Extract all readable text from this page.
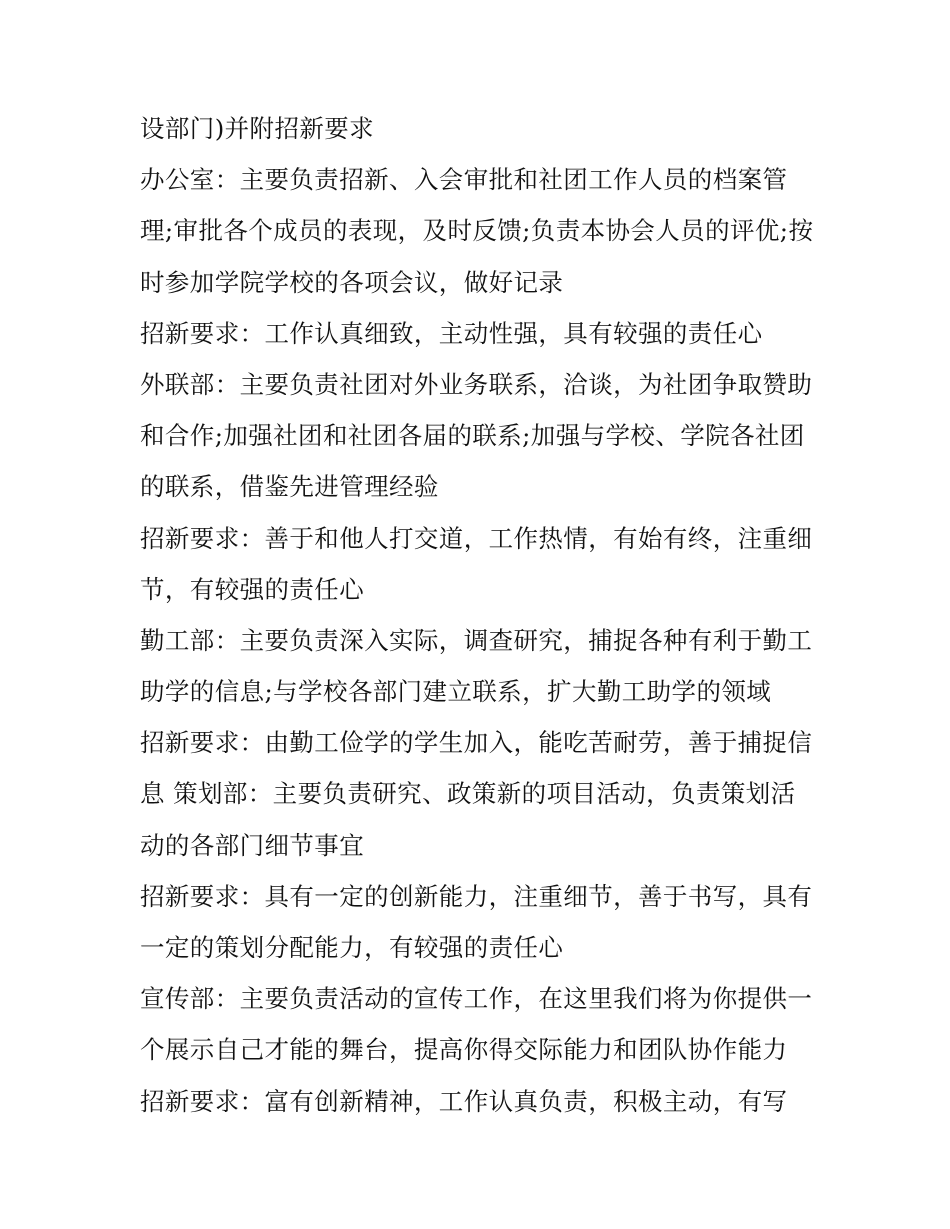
设部门)并附招新要求
办公室：主要负责招新、入会审批和社团工作人员的档案管
理;审批各个成员的表现，及时反馈;负责本协会人员的评优;按
时参加学院学校的各项会议，做好记录
招新要求：工作认真细致，主动性强，具有较强的责任心
外联部：主要负责社团对外业务联系，洽谈，为社团争取赞助
和合作;加强社团和社团各届的联系;加强与学校、学院各社团
的联系，借鉴先进管理经验
招新要求：善于和他人打交道，工作热情，有始有终，注重细
节，有较强的责任心
勤工部：主要负责深入实际，调查研究，捕捉各种有利于勤工
助学的信息;与学校各部门建立联系，扩大勤工助学的领域
招新要求：由勤工俭学的学生加入，能吃苦耐劳，善于捕捉信
息 策划部：主要负责研究、政策新的项目活动，负责策划活
动的各部门细节事宜
招新要求：具有一定的创新能力，注重细节，善于书写，具有
一定的策划分配能力，有较强的责任心
宣传部：主要负责活动的宣传工作，在这里我们将为你提供一
个展示自己才能的舞台，提高你得交际能力和团队协作能力
招新要求：富有创新精神，工作认真负责，积极主动，有写
